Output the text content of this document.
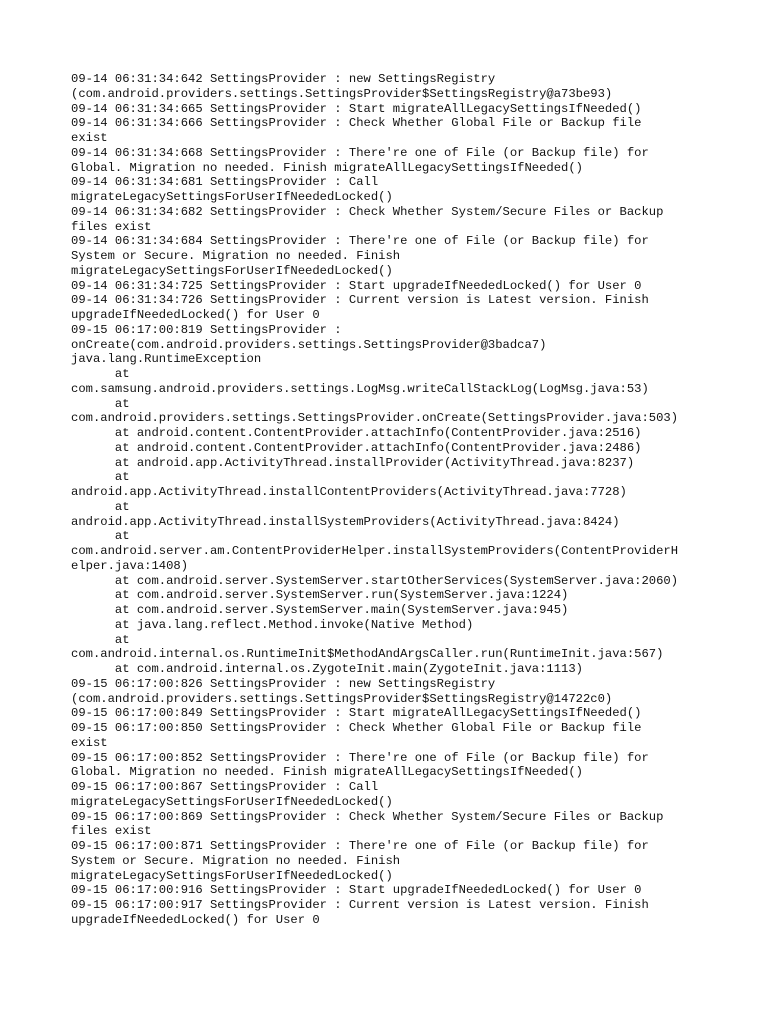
09-14 06:31:34:642 SettingsProvider : new SettingsRegistry
(com.android.providers.settings.SettingsProvider$SettingsRegistry@a73be93)
09-14 06:31:34:665 SettingsProvider : Start migrateAllLegacySettingsIfNeeded()
09-14 06:31:34:666 SettingsProvider : Check Whether Global File or Backup file
exist
09-14 06:31:34:668 SettingsProvider : There're one of File (or Backup file) for
Global. Migration no needed. Finish migrateAllLegacySettingsIfNeeded()
09-14 06:31:34:681 SettingsProvider : Call
migrateLegacySettingsForUserIfNeededLocked()
09-14 06:31:34:682 SettingsProvider : Check Whether System/Secure Files or Backup
files exist
09-14 06:31:34:684 SettingsProvider : There're one of File (or Backup file) for
System or Secure. Migration no needed. Finish
migrateLegacySettingsForUserIfNeededLocked()
09-14 06:31:34:725 SettingsProvider : Start upgradeIfNeededLocked() for User 0
09-14 06:31:34:726 SettingsProvider : Current version is Latest version. Finish
upgradeIfNeededLocked() for User 0
09-15 06:17:00:819 SettingsProvider :
onCreate(com.android.providers.settings.SettingsProvider@3badca7)
java.lang.RuntimeException
at
com.samsung.android.providers.settings.LogMsg.writeCallStackLog(LogMsg.java:53)
at
com.android.providers.settings.SettingsProvider.onCreate(SettingsProvider.java:503)
at android.content.ContentProvider.attachInfo(ContentProvider.java:2516)
at android.content.ContentProvider.attachInfo(ContentProvider.java:2486)
at android.app.ActivityThread.installProvider(ActivityThread.java:8237)
at
android.app.ActivityThread.installContentProviders(ActivityThread.java:7728)
at
android.app.ActivityThread.installSystemProviders(ActivityThread.java:8424)
at
com.android.server.am.ContentProviderHelper.installSystemProviders(ContentProviderH
elper.java:1408)
at com.android.server.SystemServer.startOtherServices(SystemServer.java:2060)
at com.android.server.SystemServer.run(SystemServer.java:1224)
at com.android.server.SystemServer.main(SystemServer.java:945)
at java.lang.reflect.Method.invoke(Native Method)
at
com.android.internal.os.RuntimeInit$MethodAndArgsCaller.run(RuntimeInit.java:567)
at com.android.internal.os.ZygoteInit.main(ZygoteInit.java:1113)
09-15 06:17:00:826 SettingsProvider : new SettingsRegistry
(com.android.providers.settings.SettingsProvider$SettingsRegistry@14722c0)
09-15 06:17:00:849 SettingsProvider : Start migrateAllLegacySettingsIfNeeded()
09-15 06:17:00:850 SettingsProvider : Check Whether Global File or Backup file
exist
09-15 06:17:00:852 SettingsProvider : There're one of File (or Backup file) for
Global. Migration no needed. Finish migrateAllLegacySettingsIfNeeded()
09-15 06:17:00:867 SettingsProvider : Call
migrateLegacySettingsForUserIfNeededLocked()
09-15 06:17:00:869 SettingsProvider : Check Whether System/Secure Files or Backup
files exist
09-15 06:17:00:871 SettingsProvider : There're one of File (or Backup file) for
System or Secure. Migration no needed. Finish
migrateLegacySettingsForUserIfNeededLocked()
09-15 06:17:00:916 SettingsProvider : Start upgradeIfNeededLocked() for User 0
09-15 06:17:00:917 SettingsProvider : Current version is Latest version. Finish
upgradeIfNeededLocked() for User 0
